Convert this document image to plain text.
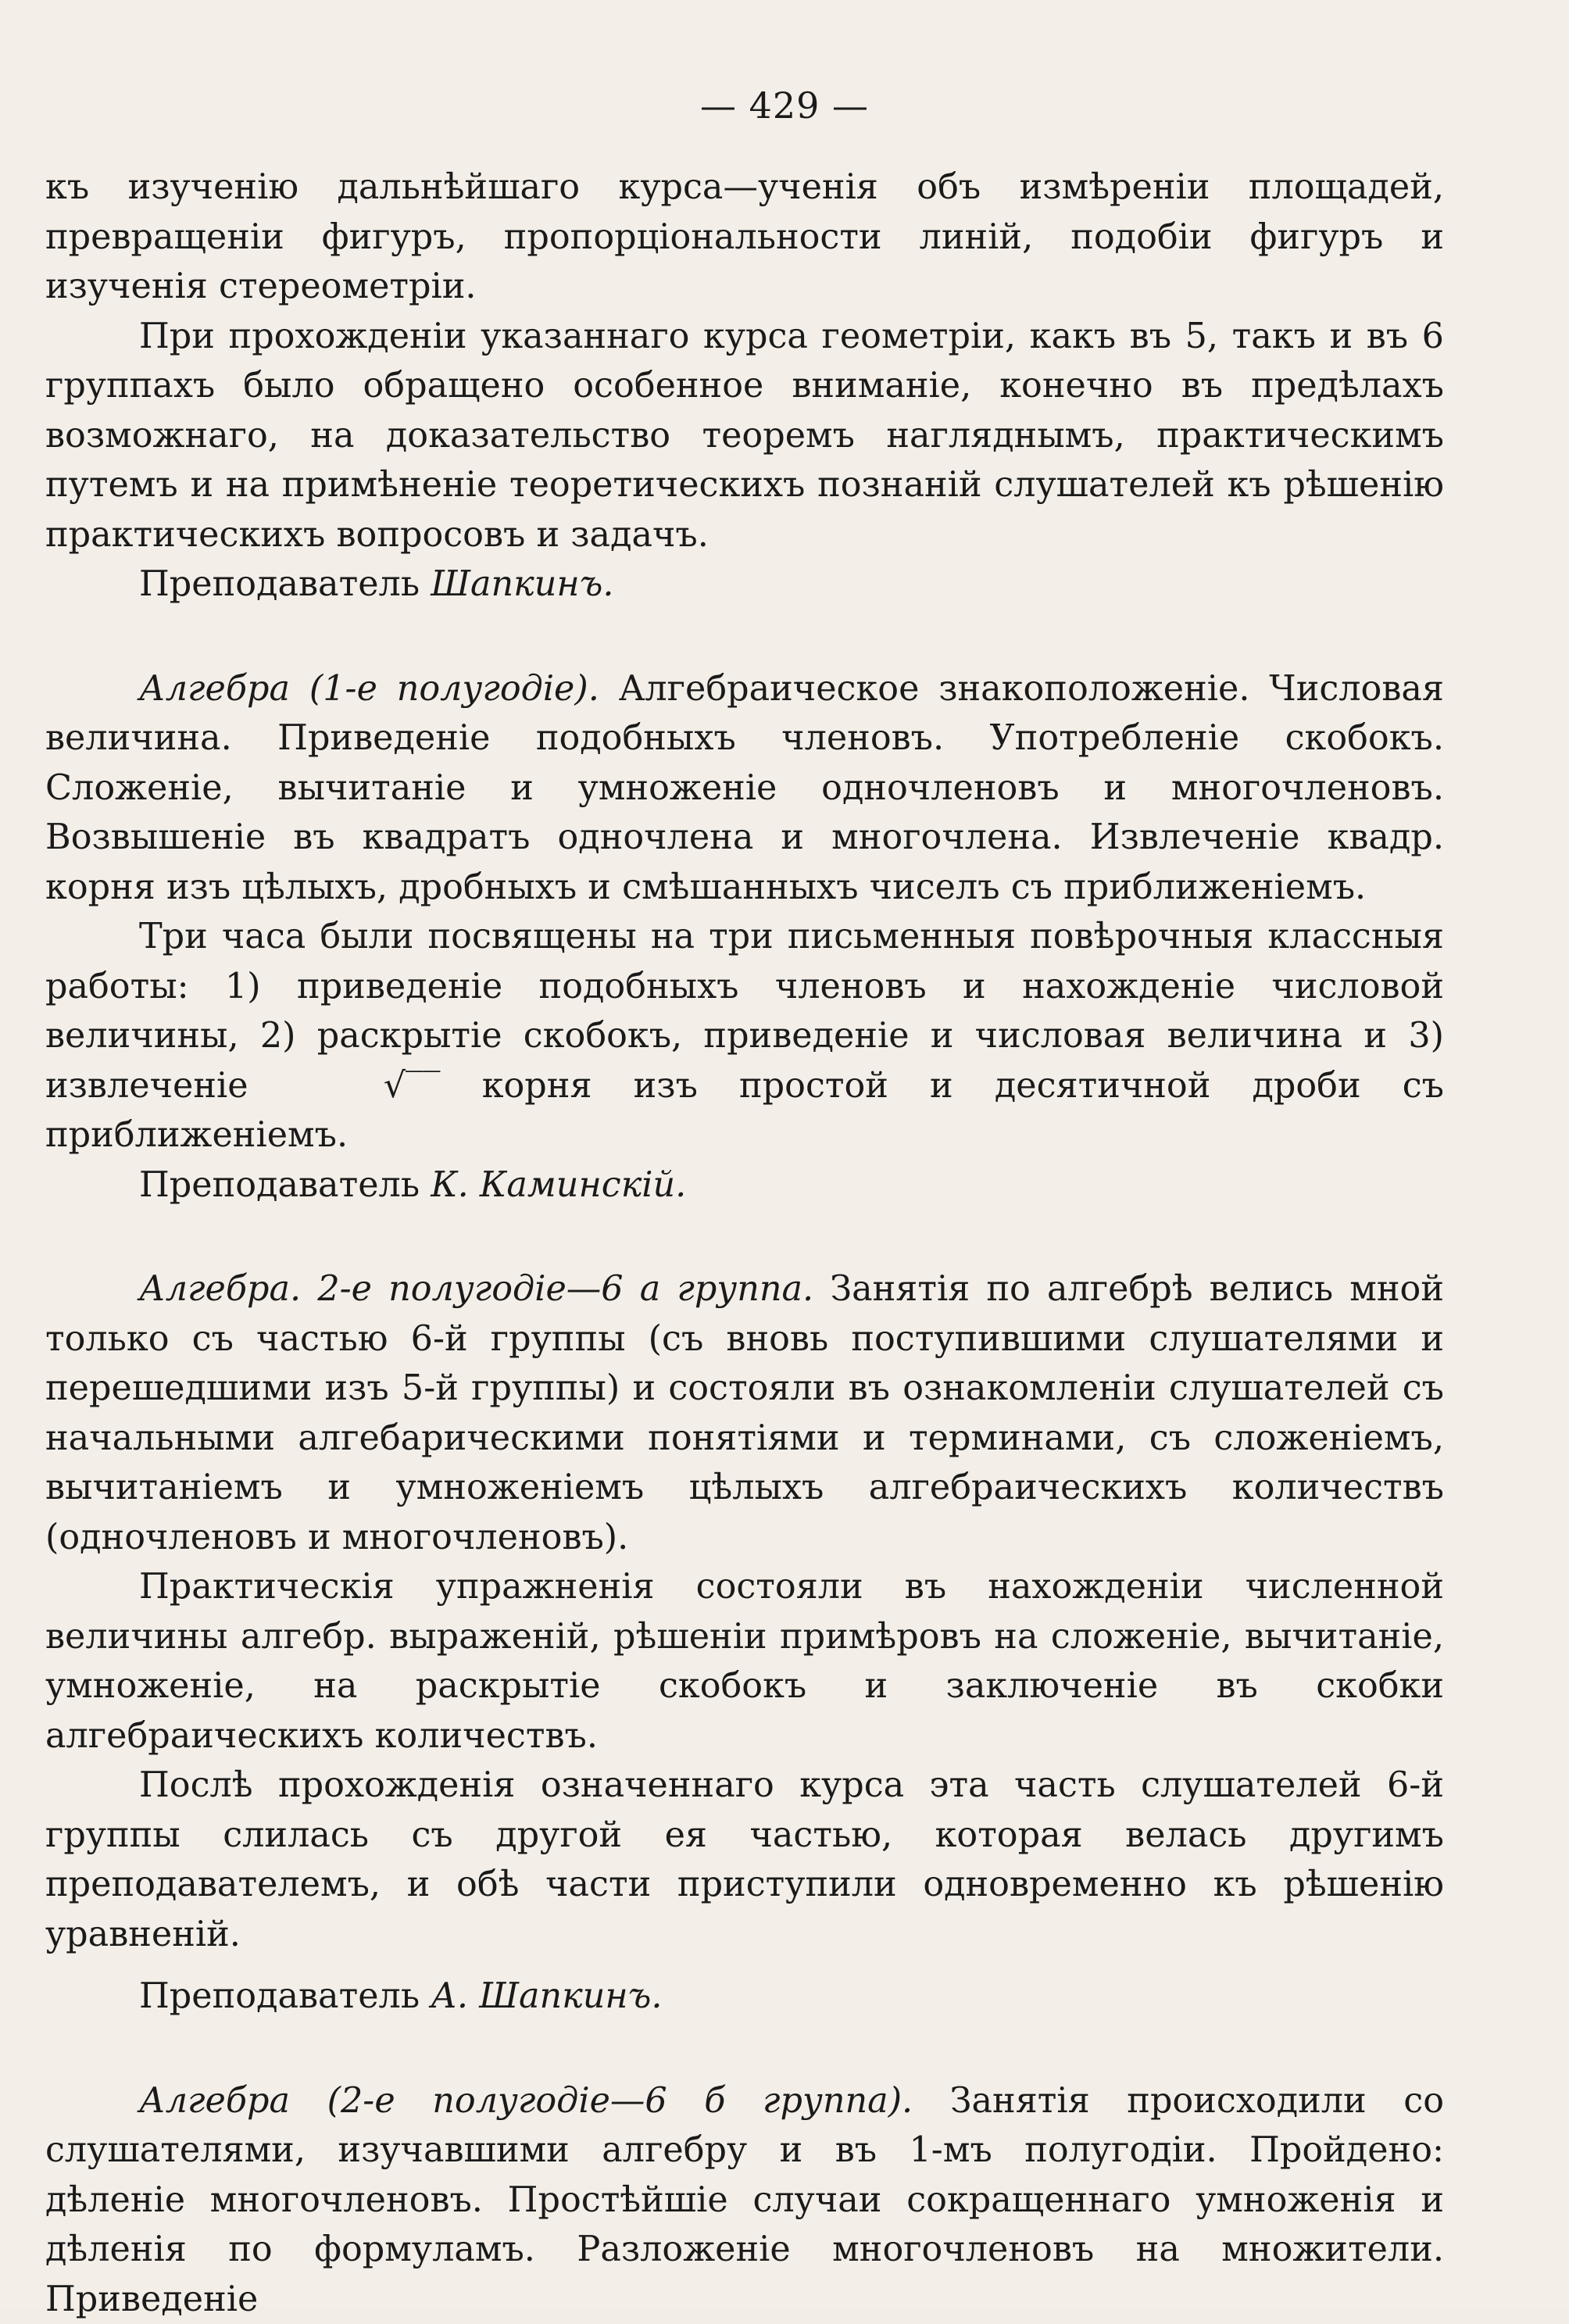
— 429 —

къ изученію дальнѣйшаго курса—ученія объ измѣреніи площадей, превращеніи фигуръ, пропорціональности линій, подобіи фигуръ и изученія стереометріи.

При прохожденіи указаннаго курса геометріи, какъ въ 5, такъ и въ 6 группахъ было обращено особенное вниманіе, конечно въ предѣлахъ возможнаго, на доказательство теоремъ нагляднымъ, практическимъ путемъ и на примѣненіе теоретическихъ познаній слушателей къ рѣшенію практическихъ вопросовъ и задачъ.

Преподаватель Шапкинъ.

Алгебра (1-е полугодіе). Алгебраическое знакоположеніе. Числовая величина. Приведеніе подобныхъ членовъ. Употребленіе скобокъ. Сложеніе, вычитаніе и умноженіе одночленовъ и многочленовъ. Возвышеніе въ квадратъ одночлена и многочлена. Извлеченіе квадр. корня изъ цѣлыхъ, дробныхъ и смѣшанныхъ чиселъ съ приближеніемъ.

Три часа были посвящены на три письменныя повѣрочныя классныя работы: 1) приведеніе подобныхъ членовъ и нахожденіе числовой величины, 2) раскрытіе скобокъ, приведеніе и числовая величина и 3) извлеченіе	√‾‾ корня изъ простой и десятичной дроби съ приближеніемъ.

Преподаватель К. Каминскій.

Алгебра. 2-е полугодіе—6 а группа. Занятія по алгебрѣ велись мной только съ частью 6-й группы (съ вновь поступившими слушателями и перешедшими изъ 5-й группы) и состояли въ ознакомленіи слушателей съ начальными алгебарическими понятіями и терминами, съ сложеніемъ, вычитаніемъ и умноженіемъ цѣлыхъ алгебраическихъ количествъ (одночленовъ и многочленовъ).

Практическія упражненія состояли въ нахожденіи численной величины алгебр. выраженій, рѣшеніи примѣровъ на сложеніе, вычитаніе, умноженіе, на раскрытіе скобокъ и заключеніе въ скобки алгебраическихъ количествъ.

Послѣ прохожденія означеннаго курса эта часть слушателей 6-й группы слилась съ другой ея частью, которая велась другимъ преподавателемъ, и обѣ части приступили одновременно къ рѣшенію уравненій.

Преподаватель А. Шапкинъ.

Алгебра (2-е полугодіе—6 б группа). Занятія происходили со слушателями, изучавшими алгебру и въ 1-мъ полугодіи. Пройдено: дѣленіе многочленовъ. Простѣйшіе случаи сокращеннаго умноженія и дѣленія по формуламъ. Разложеніе многочленовъ на множители. Приведеніе
